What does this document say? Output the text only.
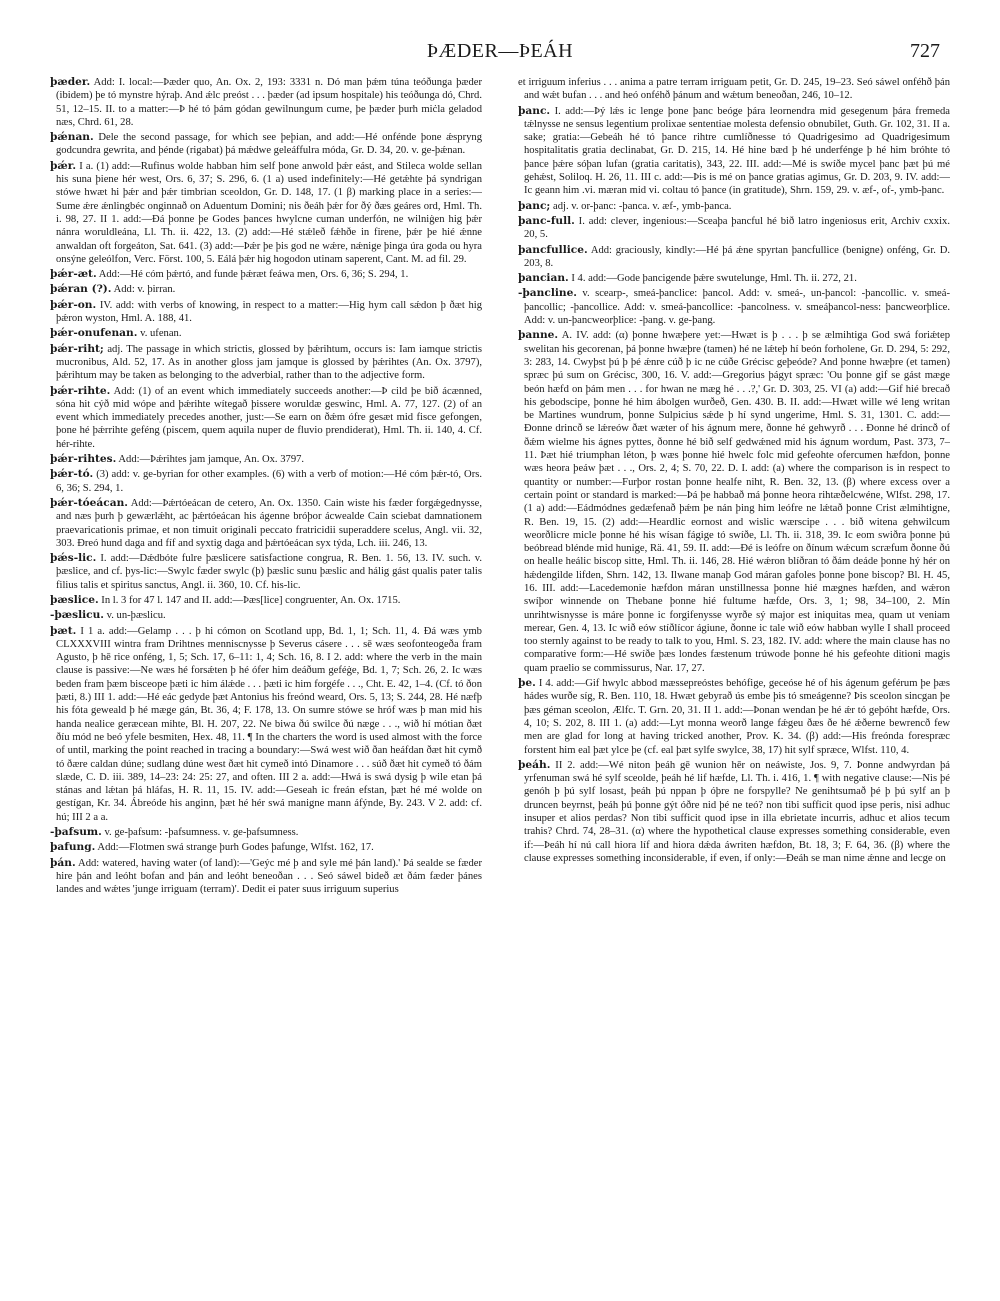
ÞÆDER—ÞEÁH	727

þæder. Add: I. local:—Þæder quo, An. Ox. 2, 193: 3331 n. Dó man þǽm túna teóðunga þæder (ibidem) þe tó mynstre hýraþ. And ǽlc preóst . . . þæder (ad ipsum hospitale) his teóðunga dó, Chrd. 51, 12–15. II. to a matter:—Þ hé tó þám gódan gewilnungum cume, þe þæder þurh miċla geladod næs, Chrd. 61, 28.

þǽnan. Dele the second passage, for which see þeþian, and add:—Hé onfénde þone ǽspryng godcundra gewrita, and þénde (rigabat) þá mǽdwe geleáffulra móda, Gr. D. 34, 20. v. ge-þǽnan.

þǽr. I a. (1) add:—Rufinus wolde habban him self þone anwold þǽr eást, and Stileca wolde sellan his suna þiene hér west, Ors. 6, 37; S. 296, 6. (1 a) used indefinitely:—Hé getǽhte þá syndrigan stówe hwæt hi þǽr and þǽr timbrian sceoldon, Gr. D. 148, 17. (1 β) marking place in a series:—Sume ǽre ǽnlingbéc onginnað on Aduentum Domini; nis ðeáh þǽr for ðý ðæs geáres ord, Hml. Th. i. 98, 27. II 1. add:—Ðá þonne þe Godes þances hwylcne cuman underfón, ne wilniġen hig þǽr nánra woruldleána, Ll. Th. ii. 422, 13. (2) add:—Hé stǽleð fǽhðe in firene, þǽr þe hié ǽnne anwaldan oft forgeáton, Sat. 641. (3) add:—Þǽr þe þis god ne wǽre, nǽnige þinga úra goda ou hyra onsýne geleólfon, Verc. Först. 100, 5. Eálá þǽr hig hogodon utinam saperent, Cant. M. ad fil. 29.

þǽr-æt. Add:—Hé cóm þǽrtó, and funde þǽræt feáwa men, Ors. 6, 36; S. 294, 1.

þǽran (?). Add: v. þirran.

þǽr-on. IV. add: with verbs of knowing, in respect to a matter:—Hig hym call sǽdon þ ðæt hig þǽron wyston, Hml. A. 188, 41.

þǽr-onufenan. v. ufenan.

þǽr-riht; adj. The passage in which strictis, glossed by þǽrihtum, occurs is: Iam iamque strictis mucronibus, Ald. 52, 17. As in another gloss jam jamque is glossed by þǽrihtes (An. Ox. 3797), þǽrihtum may be taken as belonging to the adverbial, rather than to the adjective form.

þǽr-rihte. Add: (1) of an event which immediately succeeds another:—Þ cild þe bið ácænned, sóna hit cýð mid wópe and þǽrihte wítegað þissere woruldæ geswinc, Hml. A. 77, 127. (2) of an event which immediately precedes another, just:—Se earn on ðǽm ófre gesæt mid fisce gefongen, þone hé þǽrrihte geféng (piscem, quem aquila nuper de fluvio prendiderat), Hml. Th. ii. 140, 4. Cf. hér-rihte.

þǽr-rihtes. Add:—Þǽrihtes jam jamque, An. Ox. 3797.

þǽr-tó. (3) add: v. ge-byrian for other examples. (6) with a verb of motion:—Hé cóm þǽr-tó, Ors. 6, 36; S. 294, 1.

þǽr-tóeácan. Add:—Þǽrtóeácan de cetero, An. Ox. 1350. Cain wiste his fæder forgǽgednysse, and næs þurh þ gewærlǽht, ac þǽrtóeácan his ágenne bróþor ácwealde Cain sciebat damnationem praevaricationis primae, et non timuit originali peccato fratricidii superaddere scelus, Angl. vii. 32, 303. Ðreó hund daga and fíf and syxtig daga and þǽrtóeácan syx týda, Lch. iii. 246, 13.

þǽs-lic. I. add:—Dǽdbóte fulre þæslicere satisfactione congrua, R. Ben. 1. 56, 13. IV. such. v. þæslice, and cf. þys-lic:—Swylc fæder swylc (þ) þæslic sunu þæslic and hálig gást qualis pater talis filius talis et spiritus sanctus, Angl. ii. 360, 10. Cf. his-lic.

þæslice. In l. 3 for 47 l. 147 and II. add:—Þæs[lice] congruenter, An. Ox. 1715.

-þæslicu. v. un-þæslicu.

þæt. I 1 a. add:—Gelamp . . . þ hi cómon on Scotland upp, Bd. 1, 1; Sch. 11, 4. Ðá wæs ymb CLXXXVIII wintra fram Drihtnes menniscnysse þ Severus cásere . . . sē wæs seofonteogeða fram Agusto, þ hē rice onféng, 1, 5; Sch. 17, 6–11: 1, 4; Sch. 16, 8. I 2. add: where the verb in the main clause is passive:—Ne wæs hé forsǽten þ hé ófer him deáðum geféġe, Bd. 1, 7; Sch. 26, 2. Ic wæs beden fram þæm bisceope þæti ic him álǽde . . . þæti ic him forgéfe . . ., Cht. E. 42, 1–4. (Cf. tó ðon þæti, 8.) III 1. add:—Hé eác gedyde þæt Antonius his freónd weard, Ors. 5, 13; S. 244, 28. Hé næfþ his fóta geweald þ hé mæge gán, Bt. 36, 4; F. 178, 13. On sumre stówe se hróf wæs þ man mid his handa nealice geræcean mihte, Bl. H. 207, 22. Ne biwa ðú swilce ðú næge . . ., wið hí mótian ðæt ðíu mód ne beó yfele besmiten, Hex. 48, 11. ¶ In the charters the word is used almost with the force of until, marking the point reached in tracing a boundary:—Swá west wið ðan heáfdan ðæt hit cymð tó ðære caldan dúne; sudlang dúne west ðæt hit cymeð intó Dinamore . . . súð ðæt hit cymeð tó ðám slæde, C. D. iii. 389, 14–23: 24: 25: 27, and often. III 2 a. add:—Hwá is swá dysig þ wile etan þá stánas and lǽtan þá hláfas, H. R. 11, 15. IV. add:—Geseah ic freán efstan, þæt hé mé wolde on gestígan, Kr. 34. Ábreóde his anginn, þæt hé hér swá manigne mann áfýnde, By. 243. V 2. add: cf. hú; III 2 a a.

-þafsum. v. ge-þafsum: -þafsumness. v. ge-þafsumness.

þafung. Add:—Flotmen swá strange þurh Godes þafunge, Wlfst. 162, 17.

þán. Add: watered, having water (of land):—'Geýc mé þ and syle mé þán land).' Þá sealde se fæder hire þán and leóht bofan and þán and leóht beneoðan . . . Seó sáwel bideð æt ðám fæder þánes landes and wǽtes 'junge irriguam (terram)'. Dedit ei pater suus irriguum superius

et irriguum inferius . . . anima a patre terram irriguam petit, Gr. D. 245, 19–23. Seó sáwel onféhð þán and wǽt bufan . . . and heó onféhð þánum and wǽtum beneoðan, 246, 10–12.

þanc. I. add:—Þý lǽs ic lenge þone þanc beóge þára leornendra mid gesegenum þára fremeda tǽlnysse ne sensus legentium prolixae sententiae molesta defensio obnubilet, Guth. Gr. 102, 31. II a. sake; gratia:—Gebeáh hé tó þance rihtre cumlíðnesse tó Quadrigesimo ad Quadrigesimum hospitalitatis gratia declinabat, Gr. D. 215, 14. Hé hine bæd þ hé underfénge þ hé him bróhte tó þance þǽre sóþan lufan (gratia caritatis), 343, 22. III. add:—Mé is swíðe mycel þanc þæt þú mé gehǽst, Soliloq. H. 26, 11. III c. add:—Þis is mé on þance gratias agimus, Gr. D. 203, 9. IV. add:—Ic geann him .vi. mæran mid vi. coltau tó þance (in gratitude), Shrn. 159, 29. v. æf-, of-, ymb-þanc.

þanc; adj. v. or-þanc: -þanca. v. æf-, ymb-þanca.

þanc-full. I. add: clever, ingenious:—Sceaþa þancful hé bið latro ingeniosus erit, Archiv cxxix. 20, 5.

þancfullice. Add: graciously, kindly:—Hé þá ǽne spyrtan þancfullice (benigne) onféng, Gr. D. 203, 8.

þancian. I 4. add:—Gode þancigende þǽre swutelunge, Hml. Th. ii. 272, 21.

-þancline. v. scearp-, smeá-þanclice: þancol. Add: v. smeá-, un-þancol: -þancollic. v. smeá-þancollic; -þancollice. Add: v. smeá-þancollice: -þancolness. v. smeáþancol-ness: þancweorþlice. Add: v. un-þancweorþlice: -þang. v. ge-þang.

þanne. A. IV. add: (α) þonne hwæþere yet:—Hwæt is þ . . . þ se ælmihtiga God swá foriǽtep swelitan his gecorenan, þá þonne hwæþre (tamen) hé ne lǽteþ hí beón forholene, Gr. D. 294, 5: 292, 3: 283, 14. Cwyþst þú þ þé ǽnre cúð þ ic ne cúðe Grécisc geþeóde? And þonne hwæþre (et tamen) spræc þú sum on Grécisc, 300, 16. V. add:—Gregorius þágyt spræc: 'Ou þonne gif se gást mæge beón hæfd on þám men . . . for hwan ne mæg hé . . .?,' Gr. D. 303, 25. VI (a) add:—Gif hié brecað his gebodscipe, þonne hé him ábolgen wurðeð, Gen. 430. B. II. add:—Hwæt wille wé leng writan be Martines wundrum, þonne Sulpicius sǽde þ hí synd ungerime, Hml. S. 31, 1301. C. add:—Ðonne drincð se lǽreów ðæt wæter of his ágnum mere, ðonne hé gehwyrð . . . Ðonne hé drincð of ðǽm wielme his ágnes pyttes, ðonne hé bið self gedwǽned mid his ágnum wordum, Past. 373, 7–11. Þæt hié triumphan léton, þ wæs þonne hié hwelc folc mid gefeohte ofercumen hæfdon, þonne wæs heora þeáw þæt . . ., Ors. 2, 4; S. 70, 22. D. I. add: (a) where the comparison is in respect to quantity or number:—Furþor rostan þonne healfe niht, R. Ben. 32, 13. (β) where excess over a certain point or standard is marked:—Þá þe habbað má þonne heora rihtæðelcwéne, Wlfst. 298, 17. (1 a) add:—Eádmódnes gedæfenað þǽm þe nán þing him leófre ne lǽtað þonne Crist ælmihtigne, R. Ben. 19, 15. (2) add:—Heardlic eornost and wislic wærscipe . . . bið witena gehwilcum weorðlicre micle þonne hé his wísan fágige tó swíðe, Ll. Th. ii. 318, 39. Ic eom swiðra þonne þú beóbread blénde mid hunige, Rä. 41, 59. II. add:—Ðé is leófre on ðínum wǽcum scræfum ðonne ðú on healle heálic biscop sitte, Hml. Th. ii. 146, 28. Hié wǽron blíðran tó ðám deáde þonne hý hér on hǽdengilde lifden, Shrn. 142, 13. Ilwane manaþ God máran gafoles þonne þone biscop? Bl. H. 45, 16. III. add:—Lacedemonie hæfdon máran unstillnessa þonne hié mægnes hæfden, and wǽron swíþor winnende on Thebane þonne hié fultume hæfde, Ors. 3, 1; 98, 34–100, 2. Mín unrihtwisnysse is máre þonne ic forgifenysse wyrðe sý major est iniquitas mea, quam ut veniam merear, Gen. 4, 13. Ic wið eów stíðlícor ágiune, ðonne ic tale wið eów habban wylle I shall proceed too sternly against to be ready to talk to you, Hml. S. 23, 182. IV. add: where the main clause has no comparative form:—Hé swíðe þæs londes fæstenum trúwode þonne hé his gefeohte ditioni magis quam praelio se commissurus, Nar. 17, 27.

þe. I 4. add:—Gif hwylc abbod mæssepreóstes behófige, geceóse hé of his ágenum geférum þe þæs hádes wurðe síg, R. Ben. 110, 18. Hwæt gebyrað ús embe þis tó smeágenne? Þis sceolon sincgan þe þæs géman sceolon, Ælfc. T. Grn. 20, 31. II 1. add:—Þonan wendan þe hé ǽr tó geþóht hæfde, Ors. 4, 10; S. 202, 8. III 1. (a) add:—Lyt monna weorð lange fǽgeu ðæs ðe hé ǽðerne bewrencð few men are glad for long at having tricked another, Prov. K. 34. (β) add:—His freónda forespræc forstent him eal þæt ylce þe (cf. eal þæt sylfe swylce, 38, 17) hit sylf spræce, Wlfst. 110, 4.

þeáh. II 2. add:—Wé niton þeáh gē wunion hēr on neáwiste, Jos. 9, 7. Þonne andwyrdan þá yrfenuman swá hé sylf sceolde, þeáh hé lif hæfde, Ll. Th. i. 416, 1. ¶ with negative clause:—Nis þé genóh þ þú sylf losast, þeáh þú nppan þ óþre ne forspylle? Ne genihtsumað þé þ þú sylf an þ druncen beyrnst, þeáh þú þonne gýt óðre nid þé ne teó? non tibi sufficit quod ipse peris, nisi adhuc insuper et alios perdas? Non tibi sufficit quod ipse in illa ebrietate incurris, adhuc et alios tecum trahis? Chrd. 74, 28–31. (α) where the hypothetical clause expresses something considerable, even if:—Þeáh hí nú call hiora líf and hiora dǽda áwriten hæfdon, Bt. 18, 3; F. 64, 36. (β) where the clause expresses something inconsiderable, if even, if only:—Ðeáh se man nime ǽnne and lecge on
